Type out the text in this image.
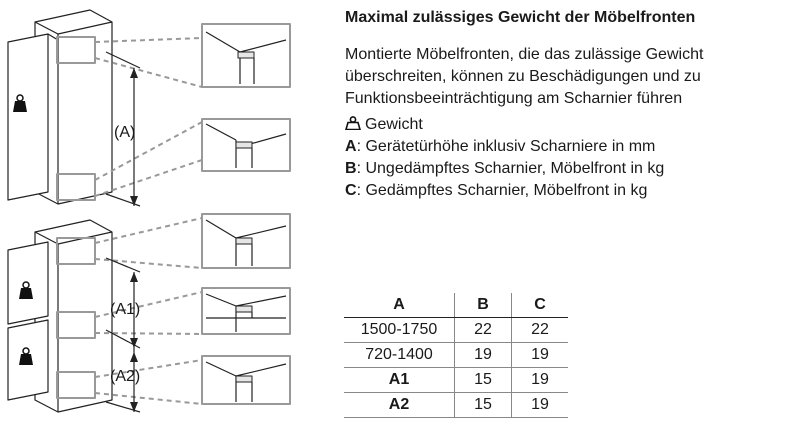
(A)
(A1)
(A2)
Maximal zulässiges Gewicht der Möbelfronten

Montierte Möbelfronten, die das zulässige Gewicht überschreiten, können zu Beschädigungen und zu Funktionsbeeinträchtigung am Scharnier führen

Gewicht
A: Gerätetürhöhe inklusiv Scharniere in mm
B: Ungedämpftes Scharnier, Möbelfront in kg
C: Gedämpftes Scharnier, Möbelfront in kg
A	B	C
1500-1750	22	22
720-1400	19	19
A1	15	19
A2	15	19
